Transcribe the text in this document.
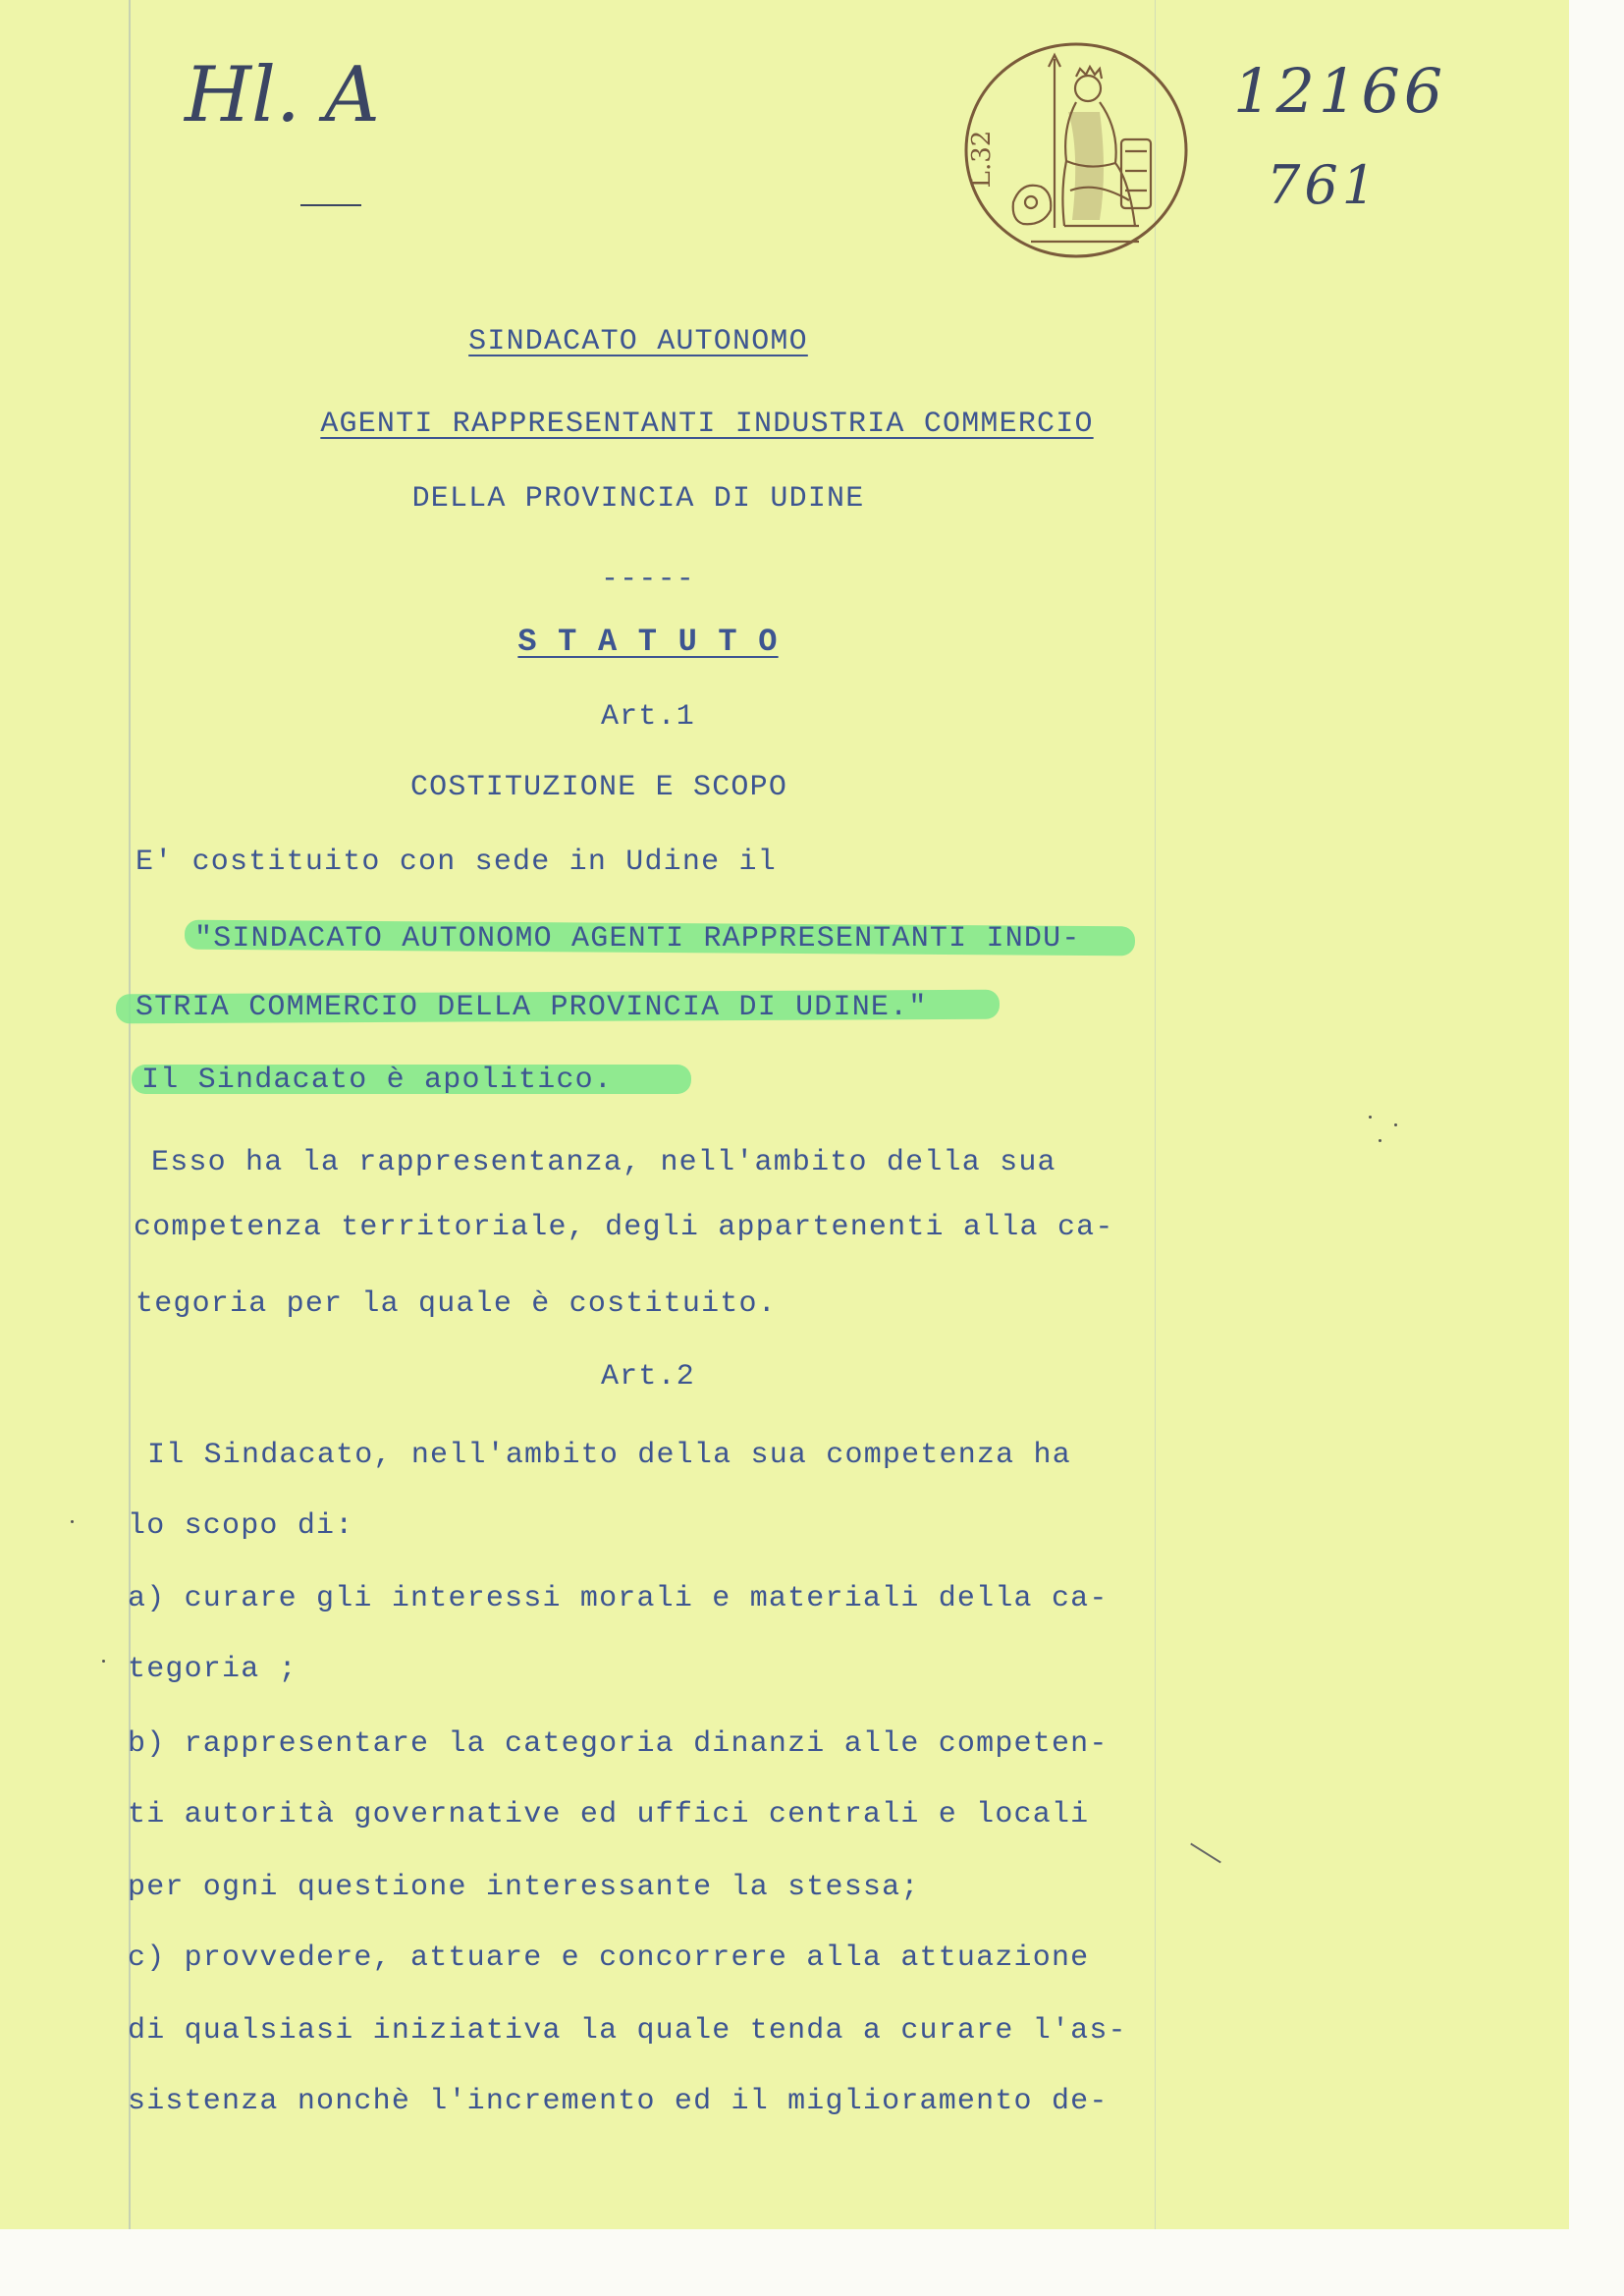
Hl. A	12166
761
L.32
SINDACATO AUTONOMO
AGENTI RAPPRESENTANTI INDUSTRIA COMMERCIO
DELLA PROVINCIA DI UDINE
-----
S T A T U T O
Art.1
COSTITUZIONE E SCOPO
E' costituito con sede in Udine il
"SINDACATO AUTONOMO AGENTI RAPPRESENTANTI INDU-
STRIA COMMERCIO DELLA PROVINCIA DI UDINE."
Il Sindacato è apolitico.
Esso ha la rappresentanza, nell'ambito della sua
competenza territoriale, degli appartenenti alla ca-
tegoria per la quale è costituito.
Art.2
Il Sindacato, nell'ambito della sua competenza ha
lo scopo di:
a) curare gli interessi morali e materiali della ca-
tegoria ;
b) rappresentare la categoria dinanzi alle competen-
ti autorità governative ed uffici centrali e locali
per ogni questione interessante la stessa;
c) provvedere, attuare e concorrere alla attuazione
di qualsiasi iniziativa la quale tenda a curare l'as-
sistenza nonchè l'incremento ed il miglioramento de-
